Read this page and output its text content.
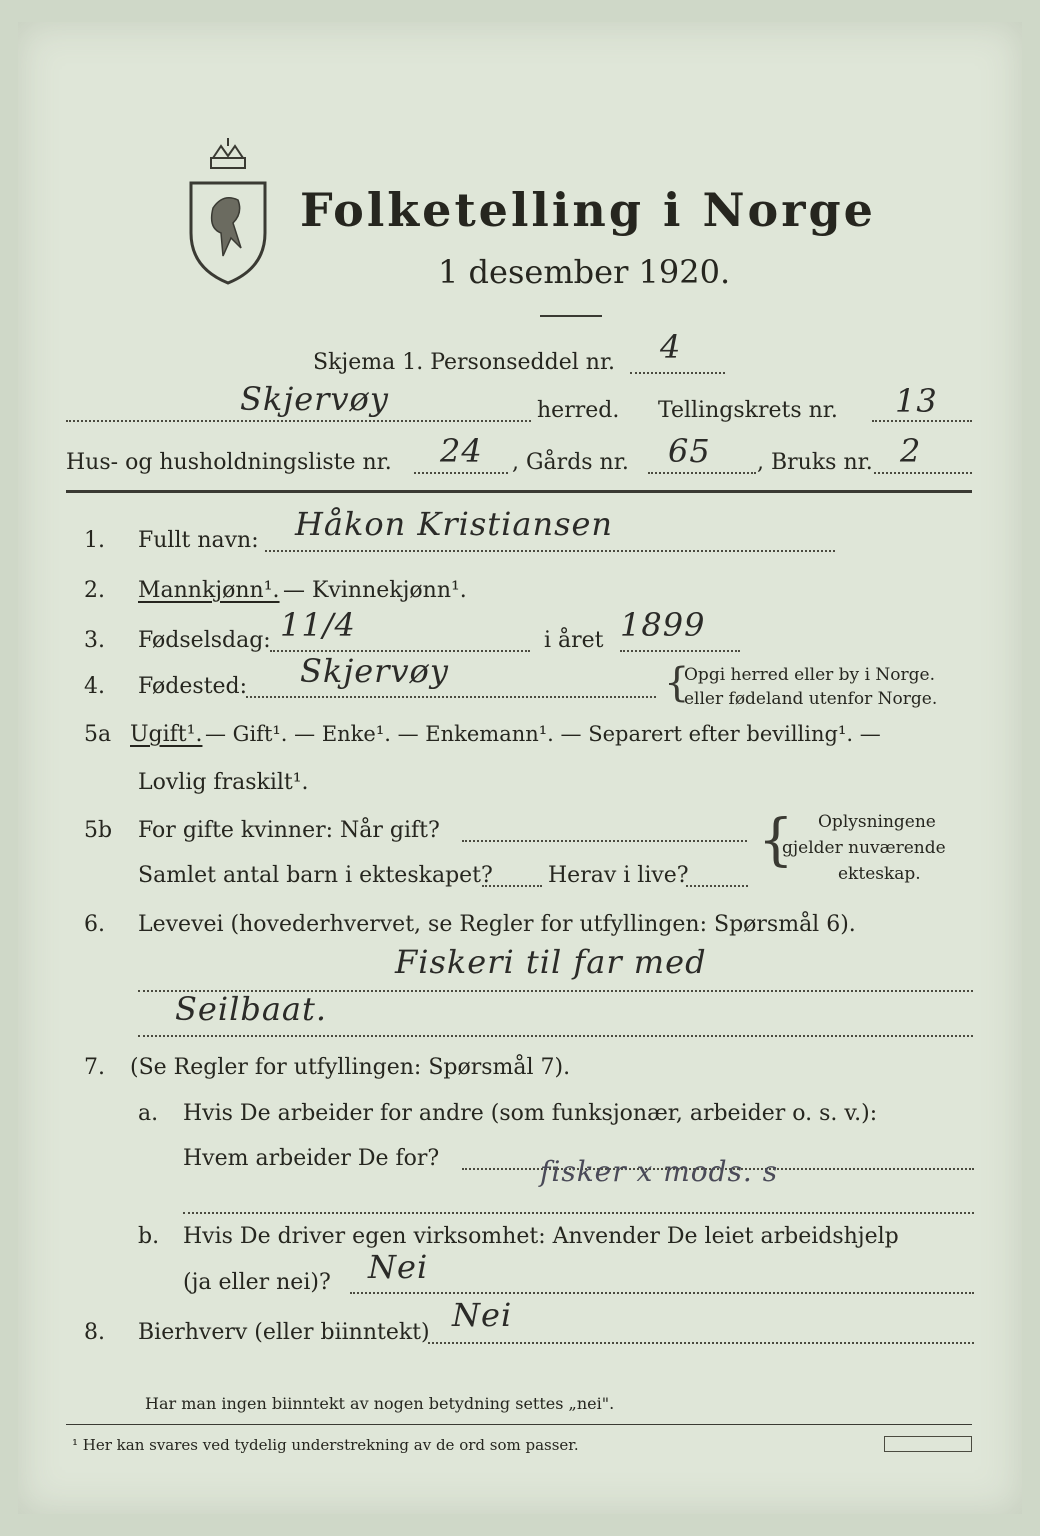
Folketelling i Norge
1 desember 1920.
Skjema 1. Personseddel nr. 4
Skjervøy	herred. Tellingskrets nr. 13
Hus- og husholdningsliste nr. 24 , Gårds nr. 65 , Bruks nr. 2
1. Fullt navn: Håkon Kristiansen
2. Mannkjønn¹. — Kvinnekjønn¹.
3. Fødselsdag: 11/4	i året 1899
4. Fødested: Skjervøy	{
Opgi herred eller by i Norge.
eller fødeland utenfor Norge.
5a Ugift¹. — Gift¹. — Enke¹. — Enkemann¹. — Separert efter bevilling¹. —
Lovlig fraskilt¹.
5b For gifte kvinner: Når gift?
Samlet antal barn i ekteskapet?	Herav i live?
{ Oplysningene
gjelder nuværende
ekteskap.
6. Levevei (hovederhvervet, se Regler for utfyllingen: Spørsmål 6).
Fiskeri til far med
Seilbaat.
7. (Se Regler for utfyllingen: Spørsmål 7).
a. Hvis De arbeider for andre (som funksjonær, arbeider o. s. v.):
Hvem arbeider De for?	fisker x mods. s
b. Hvis De driver egen virksomhet: Anvender De leiet arbeidshjelp
(ja eller nei)? Nei
8. Bierhverv (eller biinntekt) Nei
Har man ingen biinntekt av nogen betydning settes „nei".
¹ Her kan svares ved tydelig understrekning av de ord som passer.
